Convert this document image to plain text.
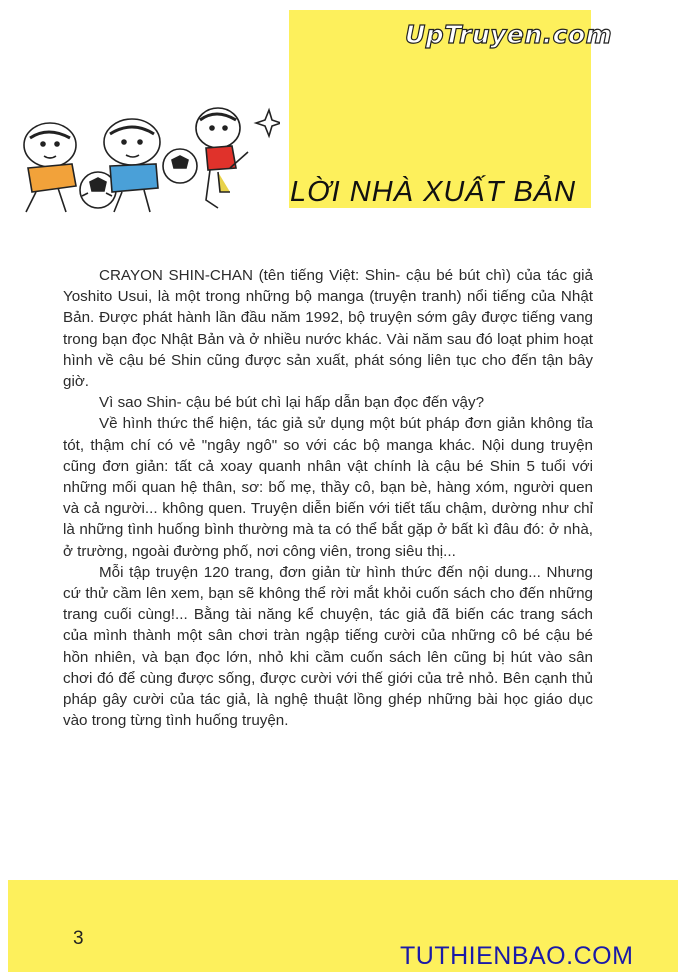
UpTruyen.com
LỜI NHÀ XUẤT BẢN

CRAYON SHIN-CHAN (tên tiếng Việt: Shin- cậu bé bút chì) của tác giả Yoshito Usui, là một trong những bộ manga (truyện tranh) nổi tiếng của Nhật Bản. Được phát hành lần đầu năm 1992, bộ truyện sớm gây được tiếng vang trong bạn đọc Nhật Bản và ở nhiều nước khác. Vài năm sau đó loạt phim hoạt hình về cậu bé Shin cũng được sản xuất, phát sóng liên tục cho đến tận bây giờ.

Vì sao Shin- cậu bé bút chì lại hấp dẫn bạn đọc đến vậy?

Về hình thức thể hiện, tác giả sử dụng một bút pháp đơn giản không tỉa tót, thậm chí có vẻ "ngây ngô" so với các bộ manga khác. Nội dung truyện cũng đơn giản: tất cả xoay quanh nhân vật chính là cậu bé Shin 5 tuổi với những mối quan hệ thân, sơ: bố mẹ, thầy cô, bạn bè, hàng xóm, người quen và cả người... không quen. Truyện diễn biến với tiết tấu chậm, dường như chỉ là những tình huống bình thường mà ta có thể bắt gặp ở bất kì đâu đó: ở nhà, ở trường, ngoài đường phố, nơi công viên, trong siêu thị...

Mỗi tập truyện 120 trang, đơn giản từ hình thức đến nội dung... Nhưng cứ thử cầm lên xem, bạn sẽ không thể rời mắt khỏi cuốn sách cho đến những trang cuối cùng!... Bằng tài năng kể chuyện, tác giả đã biến các trang sách của mình thành một sân chơi tràn ngập tiếng cười của những cô bé cậu bé hồn nhiên, và bạn đọc lớn, nhỏ khi cầm cuốn sách lên cũng bị hút vào sân chơi đó để cùng được sống, được cười với thế giới của trẻ nhỏ. Bên cạnh thủ pháp gây cười của tác giả, là nghệ thuật lồng ghép những bài học giáo dục vào trong từng tình huống truyện.

3
TUTHIENBAO.COM
